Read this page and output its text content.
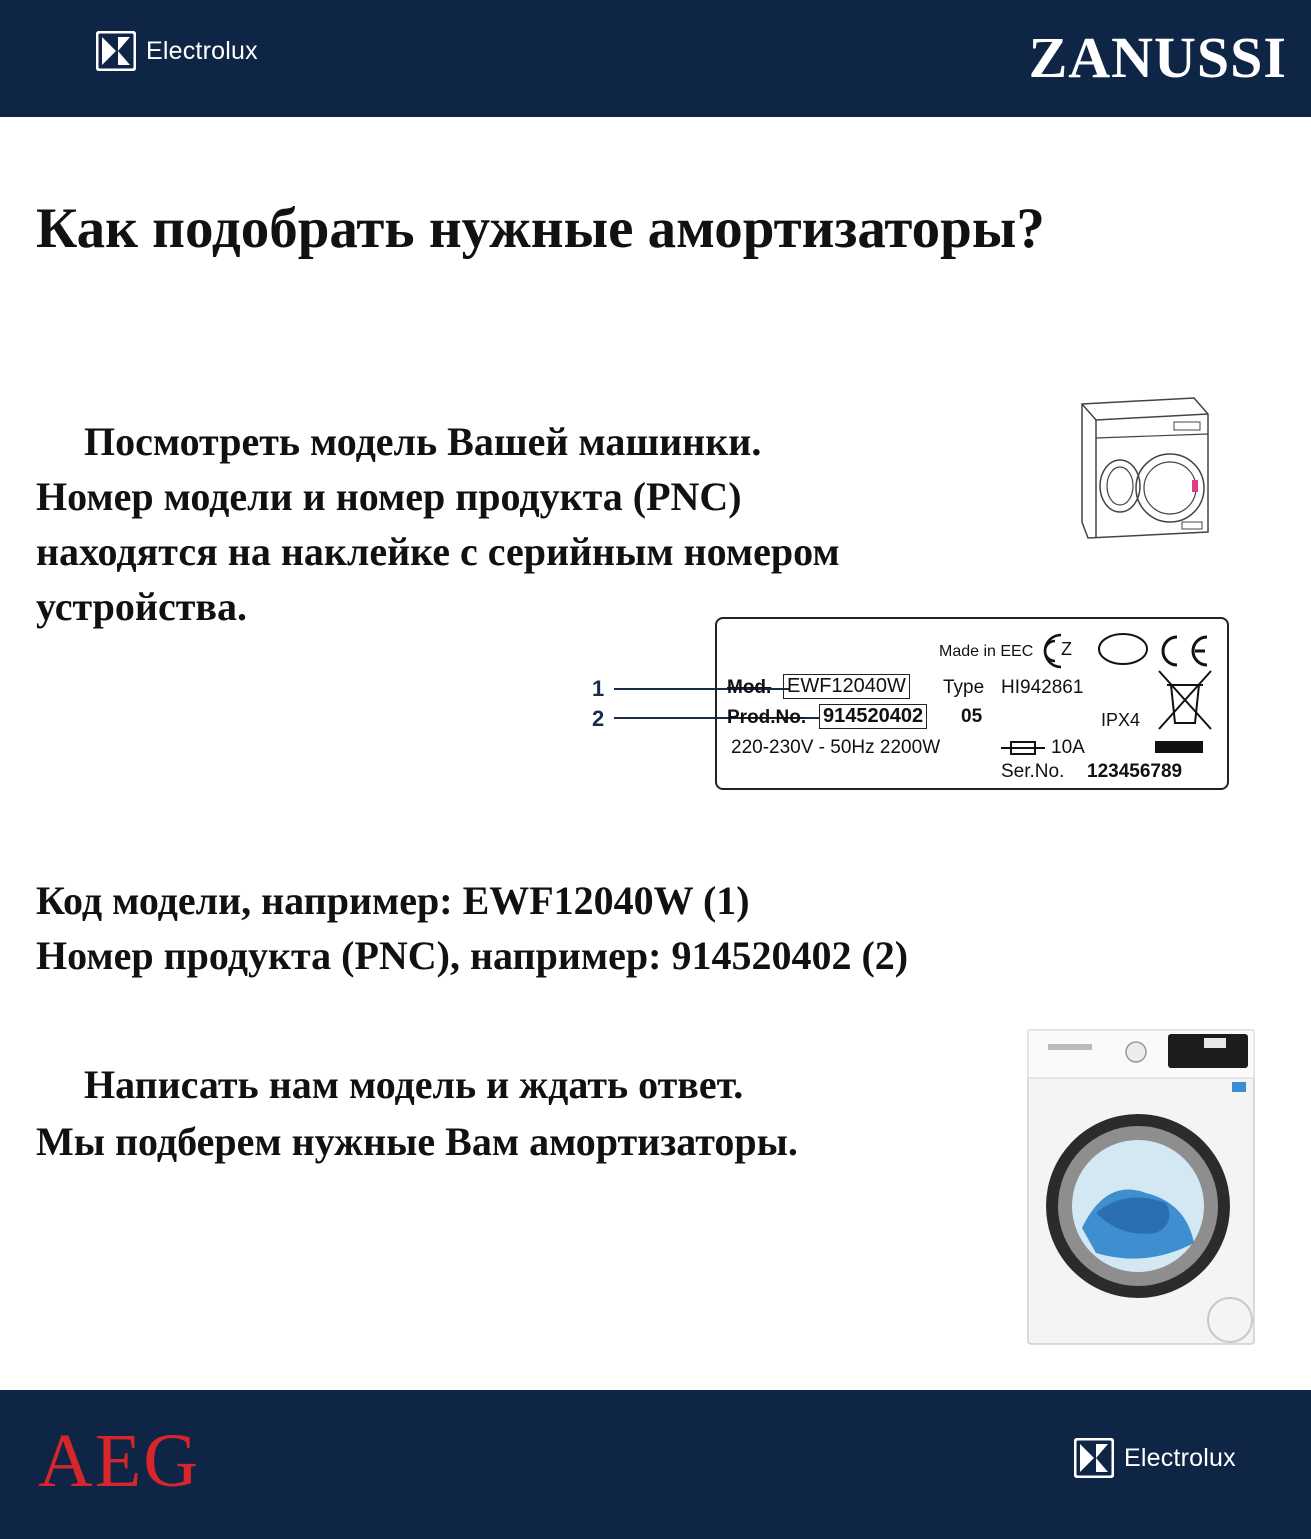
Electrolux	ZANUSSI
Как подобрать нужные амортизаторы?

Посмотреть модель Вашей машинки.
Номер модели и номер продукта (PNC)
находятся на наклейке с серийным номером
устройства.

1
2
Made in EEC Z
Mod. EWF12040W Type HI942861
Prod.No. 914520402 05	IPX4
220-230V - 50Hz 2200W	10A
Ser.No. 123456789
Код модели, например: EWF12040W (1)
Номер продукта (PNC), например: 914520402 (2)

Написать нам модель и ждать ответ.
Мы подберем нужные Вам амортизаторы.

AEG	Electrolux
